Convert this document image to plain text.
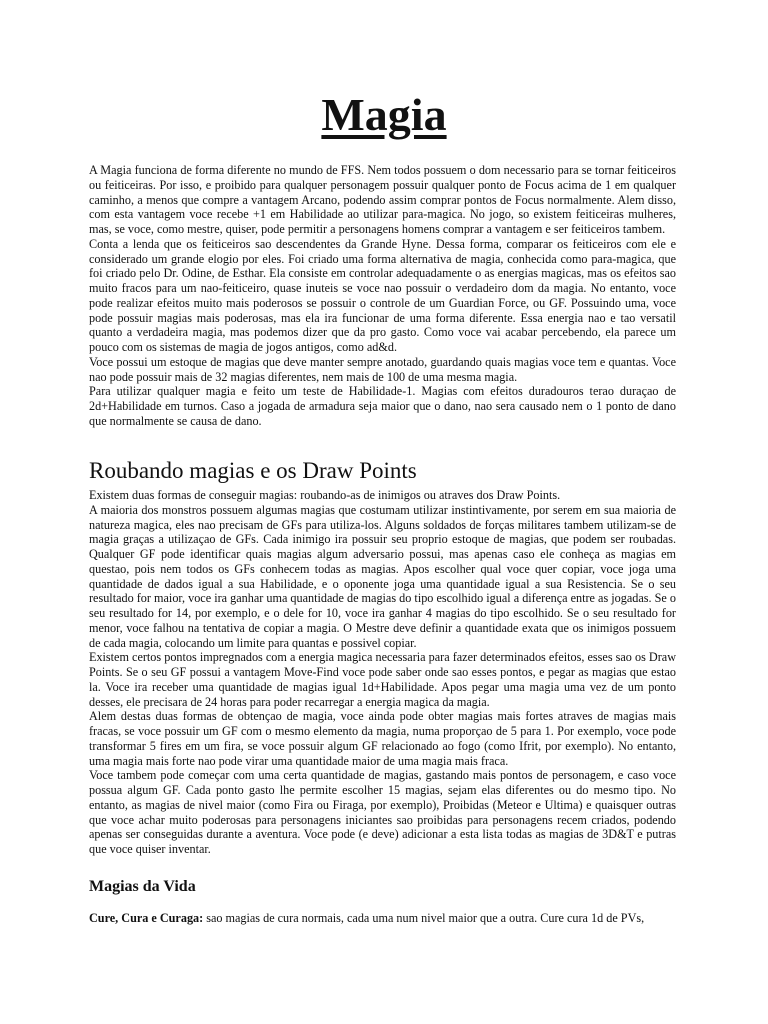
Magia

A Magia funciona de forma diferente no mundo de FFS. Nem todos possuem o dom necessario para se tornar feiticeiros ou feiticeiras. Por isso, e proibido para qualquer personagem possuir qualquer ponto de Focus acima de 1 em qualquer caminho, a menos que compre a vantagem Arcano, podendo assim comprar pontos de Focus normalmente. Alem disso, com esta vantagem voce recebe +1 em Habilidade ao utilizar para-magica. No jogo, so existem feiticeiras mulheres, mas, se voce, como mestre, quiser, pode permitir a personagens homens comprar a vantagem e ser feiticeiros tambem.

Conta a lenda que os feiticeiros sao descendentes da Grande Hyne. Dessa forma, comparar os feiticeiros com ele e considerado um grande elogio por eles. Foi criado uma forma alternativa de magia, conhecida como para-magica, que foi criado pelo Dr. Odine, de Esthar. Ela consiste em controlar adequadamente o as energias magicas, mas os efeitos sao muito fracos para um nao-feiticeiro, quase inuteis se voce nao possuir o verdadeiro dom da magia. No entanto, voce pode realizar efeitos muito mais poderosos se possuir o controle de um Guardian Force, ou GF. Possuindo uma, voce pode possuir magias mais poderosas, mas ela ira funcionar de uma forma diferente. Essa energia nao e tao versatil quanto a verdadeira magia, mas podemos dizer que da pro gasto. Como voce vai acabar percebendo, ela parece um pouco com os sistemas de magia de jogos antigos, como ad&d.

Voce possui um estoque de magias que deve manter sempre anotado, guardando quais magias voce tem e quantas. Voce nao pode possuir mais de 32 magias diferentes, nem mais de 100 de uma mesma magia.

Para utilizar qualquer magia e feito um teste de Habilidade-1. Magias com efeitos duradouros terao duraçao de 2d+Habilidade em turnos. Caso a jogada de armadura seja maior que o dano, nao sera causado nem o 1 ponto de dano que normalmente se causa de dano.

Roubando magias e os Draw Points

Existem duas formas de conseguir magias: roubando-as de inimigos ou atraves dos Draw Points.

A maioria dos monstros possuem algumas magias que costumam utilizar instintivamente, por serem em sua maioria de natureza magica, eles nao precisam de GFs para utiliza-los. Alguns soldados de forças militares tambem utilizam-se de magia graças a utilizaçao de GFs. Cada inimigo ira possuir seu proprio estoque de magias, que podem ser roubadas. Qualquer GF pode identificar quais magias algum adversario possui, mas apenas caso ele conheça as magias em questao, pois nem todos os GFs conhecem todas as magias. Apos escolher qual voce quer copiar, voce joga uma quantidade de dados igual a sua Habilidade, e o oponente joga uma quantidade igual a sua Resistencia. Se o seu resultado for maior, voce ira ganhar uma quantidade de magias do tipo escolhido igual a diferença entre as jogadas. Se o seu resultado for 14, por exemplo, e o dele for 10, voce ira ganhar 4 magias do tipo escolhido. Se o seu resultado for menor, voce falhou na tentativa de copiar a magia. O Mestre deve definir a quantidade exata que os inimigos possuem de cada magia, colocando um limite para quantas e possivel copiar.

Existem certos pontos impregnados com a energia magica necessaria para fazer determinados efeitos, esses sao os Draw Points. Se o seu GF possui a vantagem Move-Find voce pode saber onde sao esses pontos, e pegar as magias que estao la. Voce ira receber uma quantidade de magias igual 1d+Habilidade. Apos pegar uma magia uma vez de um ponto desses, ele precisara de 24 horas para poder recarregar a energia magica da magia.

Alem destas duas formas de obtençao de magia, voce ainda pode obter magias mais fortes atraves de magias mais fracas, se voce possuir um GF com o mesmo elemento da magia, numa proporçao de 5 para 1. Por exemplo, voce pode transformar 5 fires em um fira, se voce possuir algum GF relacionado ao fogo (como Ifrit, por exemplo). No entanto, uma magia mais forte nao pode virar uma quantidade maior de uma magia mais fraca.

Voce tambem pode começar com uma certa quantidade de magias, gastando mais pontos de personagem, e caso voce possua algum GF. Cada ponto gasto lhe permite escolher 15 magias, sejam elas diferentes ou do mesmo tipo. No entanto, as magias de nivel maior (como Fira ou Firaga, por exemplo), Proibidas (Meteor e Ultima) e quaisquer outras que voce achar muito poderosas para personagens iniciantes sao proibidas para personagens recem criados, podendo apenas ser conseguidas durante a aventura. Voce pode (e deve) adicionar a esta lista todas as magias de 3D&T e putras que voce quiser inventar.

Magias da Vida

Cure, Cura e Curaga: sao magias de cura normais, cada uma num nivel maior que a outra. Cure cura 1d de PVs,
